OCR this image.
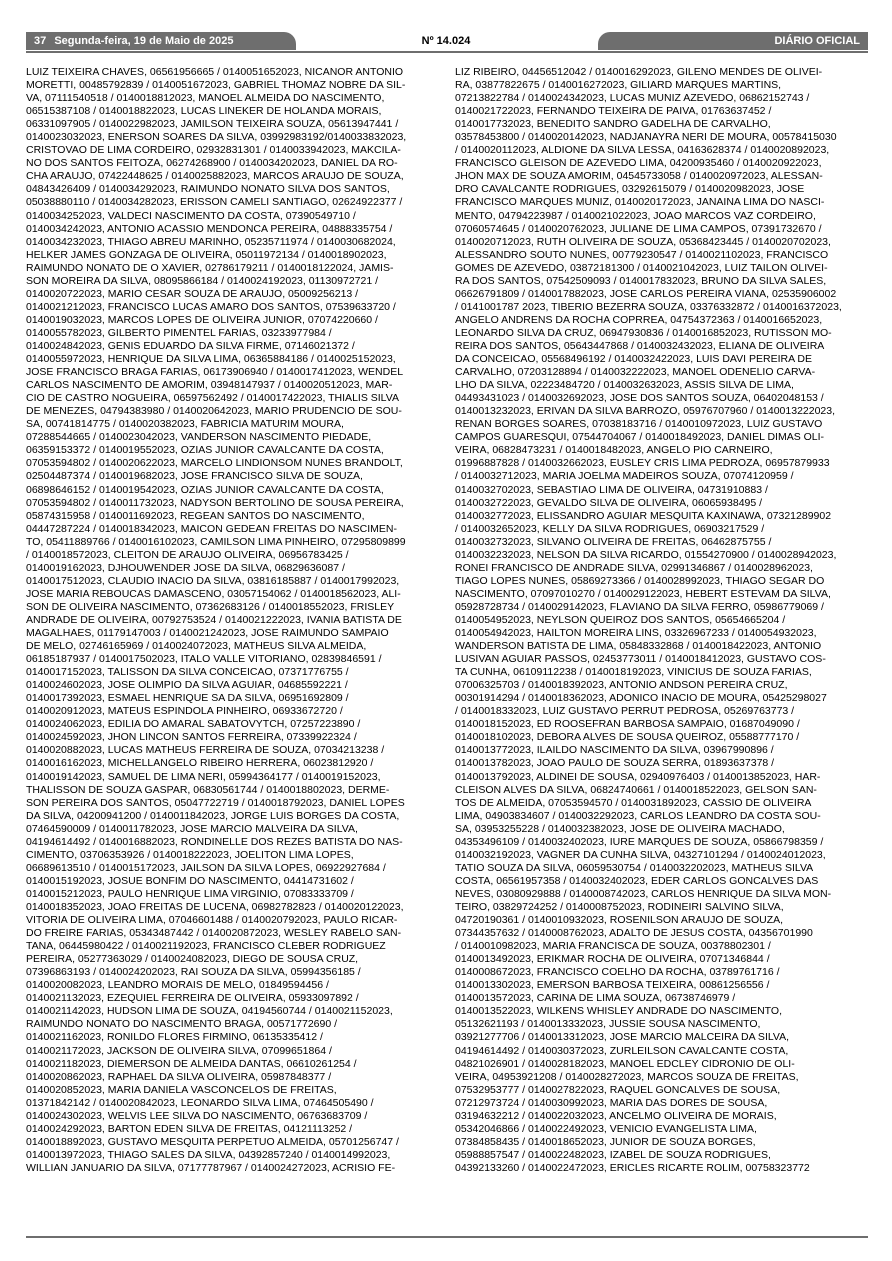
37 Segunda-feira, 19 de Maio de 2025	Nº 14.024	DIÁRIO OFICIAL

LUIZ TEIXEIRA CHAVES, 06561956665 / 0140051652023, NICANOR ANTONIO
MORETTI, 00485792839 / 0140051672023, GABRIEL THOMAZ NOBRE DA SIL-
VA, 07111540518 / 0140018812023, MANOEL ALMEIDA DO NASCIMENTO,
06515387108 / 0140018822023, LUCAS LINEKER DE HOLANDA MORAIS,
06331097905 / 0140022982023, JAMILSON TEIXEIRA SOUZA, 05613947441 /
0140023032023, ENERSON SOARES DA SILVA, 03992983192/0140033832023,
CRISTOVAO DE LIMA CORDEIRO, 02932831301 / 0140033942023, MAKCILA-
NO DOS SANTOS FEITOZA, 06274268900 / 0140034202023, DANIEL DA RO-
CHA ARAUJO, 07422448625 / 0140025882023, MARCOS ARAUJO DE SOUZA,
04843426409 / 0140034292023, RAIMUNDO NONATO SILVA DOS SANTOS,
05038880110 / 0140034282023, ERISSON CAMELI SANTIAGO, 02624922377 /
0140034252023, VALDECI NASCIMENTO DA COSTA, 07390549710 /
0140034242023, ANTONIO ACASSIO MENDONCA PEREIRA, 04888335754 /
0140034232023, THIAGO ABREU MARINHO, 05235711974 / 0140030682024,
HELKER JAMES GONZAGA DE OLIVEIRA, 05011972134 / 0140018902023,
RAIMUNDO NONATO DE O XAVIER, 02786179211 / 0140018122024, JAMIS-
SON MOREIRA DA SILVA, 08095866184 / 0140024192023, 01130972721 /
0140020722023, MARIO CESAR SOUZA DE ARAUJO, 05009256213 /
0140021212023, FRANCISCO LUCAS AMARO DOS SANTOS, 07539633720 /
0140019032023, MARCOS LOPES DE OLIVEIRA JUNIOR, 07074220660 /
0140055782023, GILBERTO PIMENTEL FARIAS, 03233977984 /
0140024842023, GENIS EDUARDO DA SILVA FIRME, 07146021372 /
0140055972023, HENRIQUE DA SILVA LIMA, 06365884186 / 0140025152023,
JOSE FRANCISCO BRAGA FARIAS, 06173906940 / 0140017412023, WENDEL
CARLOS NASCIMENTO DE AMORIM, 03948147937 / 0140020512023, MAR-
CIO DE CASTRO NOGUEIRA, 06597562492 / 0140017422023, THIALIS SILVA
DE MENEZES, 04794383980 / 0140020642023, MARIO PRUDENCIO DE SOU-
SA, 00741814775 / 0140020382023, FABRICIA MATURIM MOURA,
07288544665 / 0140023042023, VANDERSON NASCIMENTO PIEDADE,
06359153372 / 0140019552023, OZIAS JUNIOR CAVALCANTE DA COSTA,
07053594802 / 0140020622023, MARCELO LINDIONSOM NUNES BRANDOLT,
02504487374 / 0140019682023, JOSE FRANCISCO SILVA DE SOUZA,
06898646152 / 0140019542023, OZIAS JUNIOR CAVALCANTE DA COSTA,
07053594802 / 0140011732023, NADYSON BERTOLINO DE SOUSA PEREIRA,
05874315958 / 0140011692023, REGEAN SANTOS DO NASCIMENTO,
04447287224 / 0140018342023, MAICON GEDEAN FREITAS DO NASCIMEN-
TO, 05411889766 / 0140016102023, CAMILSON LIMA PINHEIRO, 07295809899
/ 0140018572023, CLEITON DE ARAUJO OLIVEIRA, 06956783425 /
0140019162023, DJHOUWENDER JOSE DA SILVA, 06829636087 /
0140017512023, CLAUDIO INACIO DA SILVA, 03816185887 / 0140017992023,
JOSE MARIA REBOUCAS DAMASCENO, 03057154062 / 0140018562023, ALI-
SON DE OLIVEIRA NASCIMENTO, 07362683126 / 0140018552023, FRISLEY
ANDRADE DE OLIVEIRA, 00792753524 / 0140021222023, IVANIA BATISTA DE
MAGALHAES, 01179147003 / 0140021242023, JOSE RAIMUNDO SAMPAIO
DE MELO, 02746165969 / 0140024072023, MATHEUS SILVA ALMEIDA,
06185187937 / 0140017502023, ITALO VALLE VITORIANO, 02839846591 /
0140017152023, TALISSON DA SILVA CONCEICAO, 07371776755 /
0140024602023, JOSE OLIMPIO DA SILVA AGUIAR, 04685592221 /
0140017392023, ESMAEL HENRIQUE SA DA SILVA, 06951692809 /
0140020912023, MATEUS ESPINDOLA PINHEIRO, 06933672720 /
0140024062023, EDILIA DO AMARAL SABATOVYTCH, 07257223890 /
0140024592023, JHON LINCON SANTOS FERREIRA, 07339922324 /
0140020882023, LUCAS MATHEUS FERREIRA DE SOUZA, 07034213238 /
0140016162023, MICHELLANGELO RIBEIRO HERRERA, 06023812920 /
0140019142023, SAMUEL DE LIMA NERI, 05994364177 / 0140019152023,
THALISSON DE SOUZA GASPAR, 06830561744 / 0140018802023, DERME-
SON PEREIRA DOS SANTOS, 05047722719 / 0140018792023, DANIEL LOPES
DA SILVA, 04200941200 / 0140011842023, JORGE LUIS BORGES DA COSTA,
07464590009 / 0140011782023, JOSE MARCIO MALVEIRA DA SILVA,
04194614492 / 0140016882023, RONDINELLE DOS REZES BATISTA DO NAS-
CIMENTO, 03706353926 / 0140018222023, JOELITON LIMA LOPES,
06689613510 / 0140015172023, JAILSON DA SILVA LOPES, 06922927684 /
0140015192023, JOSUE BONFIM DO NASCIMENTO, 04414731602 /
0140015212023, PAULO HENRIQUE LIMA VIRGINIO, 07083333709 /
0140018352023, JOAO FREITAS DE LUCENA, 06982782823 / 0140020122023,
VITORIA DE OLIVEIRA LIMA, 07046601488 / 0140020792023, PAULO RICAR-
DO FREIRE FARIAS, 05343487442 / 0140020872023, WESLEY RABELO SAN-
TANA, 06445980422 / 0140021192023, FRANCISCO CLEBER RODRIGUEZ
PEREIRA, 05277363029 / 0140024082023, DIEGO DE SOUSA CRUZ,
07396863193 / 0140024202023, RAI SOUZA DA SILVA, 05994356185 /
0140020082023, LEANDRO MORAIS DE MELO, 01849594456 /
0140021132023, EZEQUIEL FERREIRA DE OLIVEIRA, 05933097892 /
0140021142023, HUDSON LIMA DE SOUZA, 04194560744 / 0140021152023,
RAIMUNDO NONATO DO NASCIMENTO BRAGA, 00571772690 /
0140021162023, RONILDO FLORES FIRMINO, 06135335412 /
0140021172023, JACKSON DE OLIVEIRA SILVA, 07099651864 /
0140021182023, DIEMERSON DE ALMEIDA DANTAS, 06610261254 /
0140020862023, RAPHAEL DA SILVA OLIVEIRA, 05987848377 /
0140020852023, MARIA DANIELA VASCONCELOS DE FREITAS,
01371842142 / 0140020842023, LEONARDO SILVA LIMA, 07464505490 /
0140024302023, WELVIS LEE SILVA DO NASCIMENTO, 06763683709 /
0140024292023, BARTON EDEN SILVA DE FREITAS, 04121113252 /
0140018892023, GUSTAVO MESQUITA PERPETUO ALMEIDA, 05701256747 /
0140013972023, THIAGO SALES DA SILVA, 04392857240 / 0140014992023,
WILLIAN JANUARIO DA SILVA, 07177787967 / 0140024272023, ACRISIO FE-

LIZ RIBEIRO, 04456512042 / 0140016292023, GILENO MENDES DE OLIVEI-
RA, 03877822675 / 0140016272023, GILIARD MARQUES MARTINS,
07213822784 / 0140024342023, LUCAS MUNIZ AZEVEDO, 06862152743 /
0140021722023, FERNANDO TEIXEIRA DE PAIVA, 01763637452 /
0140017732023, BENEDITO SANDRO GADELHA DE CARVALHO,
03578453800 / 0140020142023, NADJANAYRA NERI DE MOURA, 00578415030
/ 0140020112023, ALDIONE DA SILVA LESSA, 04163628374 / 0140020892023,
FRANCISCO GLEISON DE AZEVEDO LIMA, 04200935460 / 0140020922023,
JHON MAX DE SOUZA AMORIM, 04545733058 / 0140020972023, ALESSAN-
DRO CAVALCANTE RODRIGUES, 03292615079 / 0140020982023, JOSE
FRANCISCO MARQUES MUNIZ, 0140020172023, JANAINA LIMA DO NASCI-
MENTO, 04794223987 / 0140021022023, JOAO MARCOS VAZ CORDEIRO,
07060574645 / 0140020762023, JULIANE DE LIMA CAMPOS, 07391732670 /
0140020712023, RUTH OLIVEIRA DE SOUZA, 05368423445 / 0140020702023,
ALESSANDRO SOUTO NUNES, 00779230547 / 0140021102023, FRANCISCO
GOMES DE AZEVEDO, 03872181300 / 0140021042023, LUIZ TAILON OLIVEI-
RA DOS SANTOS, 07542509093 / 0140017832023, BRUNO DA SILVA SALES,
06626791809 / 0140017882023, JOSE CARLOS PEREIRA VIANA, 02535906002
/ 0141001787 2023, TIBERIO BEZERRA SOUZA, 03376332872 / 0140016372023,
ANGELO ANDRENS DA ROCHA COPRREA, 04754372363 / 0140016652023,
LEONARDO SILVA DA CRUZ, 06947930836 / 0140016852023, RUTISSON MO-
REIRA DOS SANTOS, 05643447868 / 0140032432023, ELIANA DE OLIVEIRA
DA CONCEICAO, 05568496192 / 0140032422023, LUIS DAVI PEREIRA DE
CARVALHO, 07203128894 / 0140032222023, MANOEL ODENELIO CARVA-
LHO DA SILVA, 02223484720 / 0140032632023, ASSIS SILVA DE LIMA,
04493431023 / 0140032692023, JOSE DOS SANTOS SOUZA, 06402048153 /
0140013232023, ERIVAN DA SILVA BARROZO, 05976707960 / 0140013222023,
RENAN BORGES SOARES, 07038183716 / 0140010972023, LUIZ GUSTAVO
CAMPOS GUARESQUI, 07544704067 / 0140018492023, DANIEL DIMAS OLI-
VEIRA, 06828473231 / 0140018482023, ANGELO PIO CARNEIRO,
01996887828 / 0140032662023, EUSLEY CRIS LIMA PEDROZA, 06957879933
/ 0140032712023, MARIA JOELMA MADEIROS SOUZA, 07074120959 /
0140032702023, SEBASTIAO LIMA DE OLIVEIRA, 04731910883 /
0140032722023, GEVALDO SILVA DE OLIVEIRA, 06065938495 /
0140032772023, ELISSANDRO AGUIAR MESQUITA KAXINAWA, 07321289902
/ 0140032652023, KELLY DA SILVA RODRIGUES, 06903217529 /
0140032732023, SILVANO OLIVEIRA DE FREITAS, 06462875755 /
0140032232023, NELSON DA SILVA RICARDO, 01554270900 / 0140028942023,
RONEI FRANCISCO DE ANDRADE SILVA, 02991346867 / 0140028962023,
TIAGO LOPES NUNES, 05869273366 / 0140028992023, THIAGO SEGAR DO
NASCIMENTO, 07097010270 / 0140029122023, HEBERT ESTEVAM DA SILVA,
05928728734 / 0140029142023, FLAVIANO DA SILVA FERRO, 05986779069 /
0140054952023, NEYLSON QUEIROZ DOS SANTOS, 05654665204 /
0140054942023, HAILTON MOREIRA LINS, 03326967233 / 0140054932023,
WANDERSON BATISTA DE LIMA, 05848332868 / 0140018422023, ANTONIO
LUSIVAN AGUIAR PASSOS, 02453773011 / 0140018412023, GUSTAVO COS-
TA CUNHA, 06109112238 / 0140018192023, VINICIUS DE SOUZA FARIAS,
07006325703 / 0140018392023, ANTONIO ANDSON PEREIRA CRUZ,
00301914294 / 0140018362023, ADONICO INACIO DE MOURA, 05425298027
/ 0140018332023, LUIZ GUSTAVO PERRUT PEDROSA, 05269763773 /
0140018152023, ED ROOSEFRAN BARBOSA SAMPAIO, 01687049090 /
0140018102023, DEBORA ALVES DE SOUSA QUEIROZ, 05588777170 /
0140013772023, ILAILDO NASCIMENTO DA SILVA, 03967990896 /
0140013782023, JOAO PAULO DE SOUZA SERRA, 01893637378 /
0140013792023, ALDINEI DE SOUSA, 02940976403 / 0140013852023, HAR-
CLEISON ALVES DA SILVA, 06824740661 / 0140018522023, GELSON SAN-
TOS DE ALMEIDA, 07053594570 / 0140031892023, CASSIO DE OLIVEIRA
LIMA, 04903834607 / 0140032292023, CARLOS LEANDRO DA COSTA SOU-
SA, 03953255228 / 0140032382023, JOSE DE OLIVEIRA MACHADO,
04353496109 / 0140032402023, IURE MARQUES DE SOUZA, 05866798359 /
0140032192023, VAGNER DA CUNHA SILVA, 04327101294 / 0140024012023,
TATIO SOUZA DA SILVA, 06059530754 / 0140032202023, MATHEUS SILVA
COSTA, 06561957358 / 0140032402023, EDER CARLOS GONCALVES DAS
NEVES, 03080929888 / 0140008742023, CARLOS HENRIQUE DA SILVA MON-
TEIRO, 03829724252 / 0140008752023, RODINEIRI SALVINO SILVA,
04720190361 / 0140010932023, ROSENILSON ARAUJO DE SOUZA,
07344357632 / 0140008762023, ADALTO DE JESUS COSTA, 04356701990
/ 0140010982023, MARIA FRANCISCA DE SOUZA, 00378802301 /
0140013492023, ERIKMAR ROCHA DE OLIVEIRA, 07071346844 /
0140008672023, FRANCISCO COELHO DA ROCHA, 03789761716 /
0140013302023, EMERSON BARBOSA TEIXEIRA, 00861256556 /
0140013572023, CARINA DE LIMA SOUZA, 06738746979 /
0140013522023, WILKENS WHISLEY ANDRADE DO NASCIMENTO,
05132621193 / 0140013332023, JUSSIE SOUSA NASCIMENTO,
03921277706 / 0140013312023, JOSE MARCIO MALCEIRA DA SILVA,
04194614492 / 0140030372023, ZURLEILSON CAVALCANTE COSTA,
04821026901 / 0140028182023, MANOEL EDCLEY CIDRONIO DE OLI-
VEIRA, 04953921208 / 0140028272023, MARCOS SOUZA DE FREITAS,
07532953777 / 0140027822023, RAQUEL GONCALVES DE SOUSA,
07212973724 / 0140030992023, MARIA DAS DORES DE SOUSA,
03194632212 / 0140022032023, ANCELMO OLIVEIRA DE MORAIS,
05342046866 / 0140022492023, VENICIO EVANGELISTA LIMA,
07384858435 / 0140018652023, JUNIOR DE SOUZA BORGES,
05988857547 / 0140022482023, IZABEL DE SOUZA RODRIGUES,
04392133260 / 0140022472023, ERICLES RICARTE ROLIM, 00758323772
